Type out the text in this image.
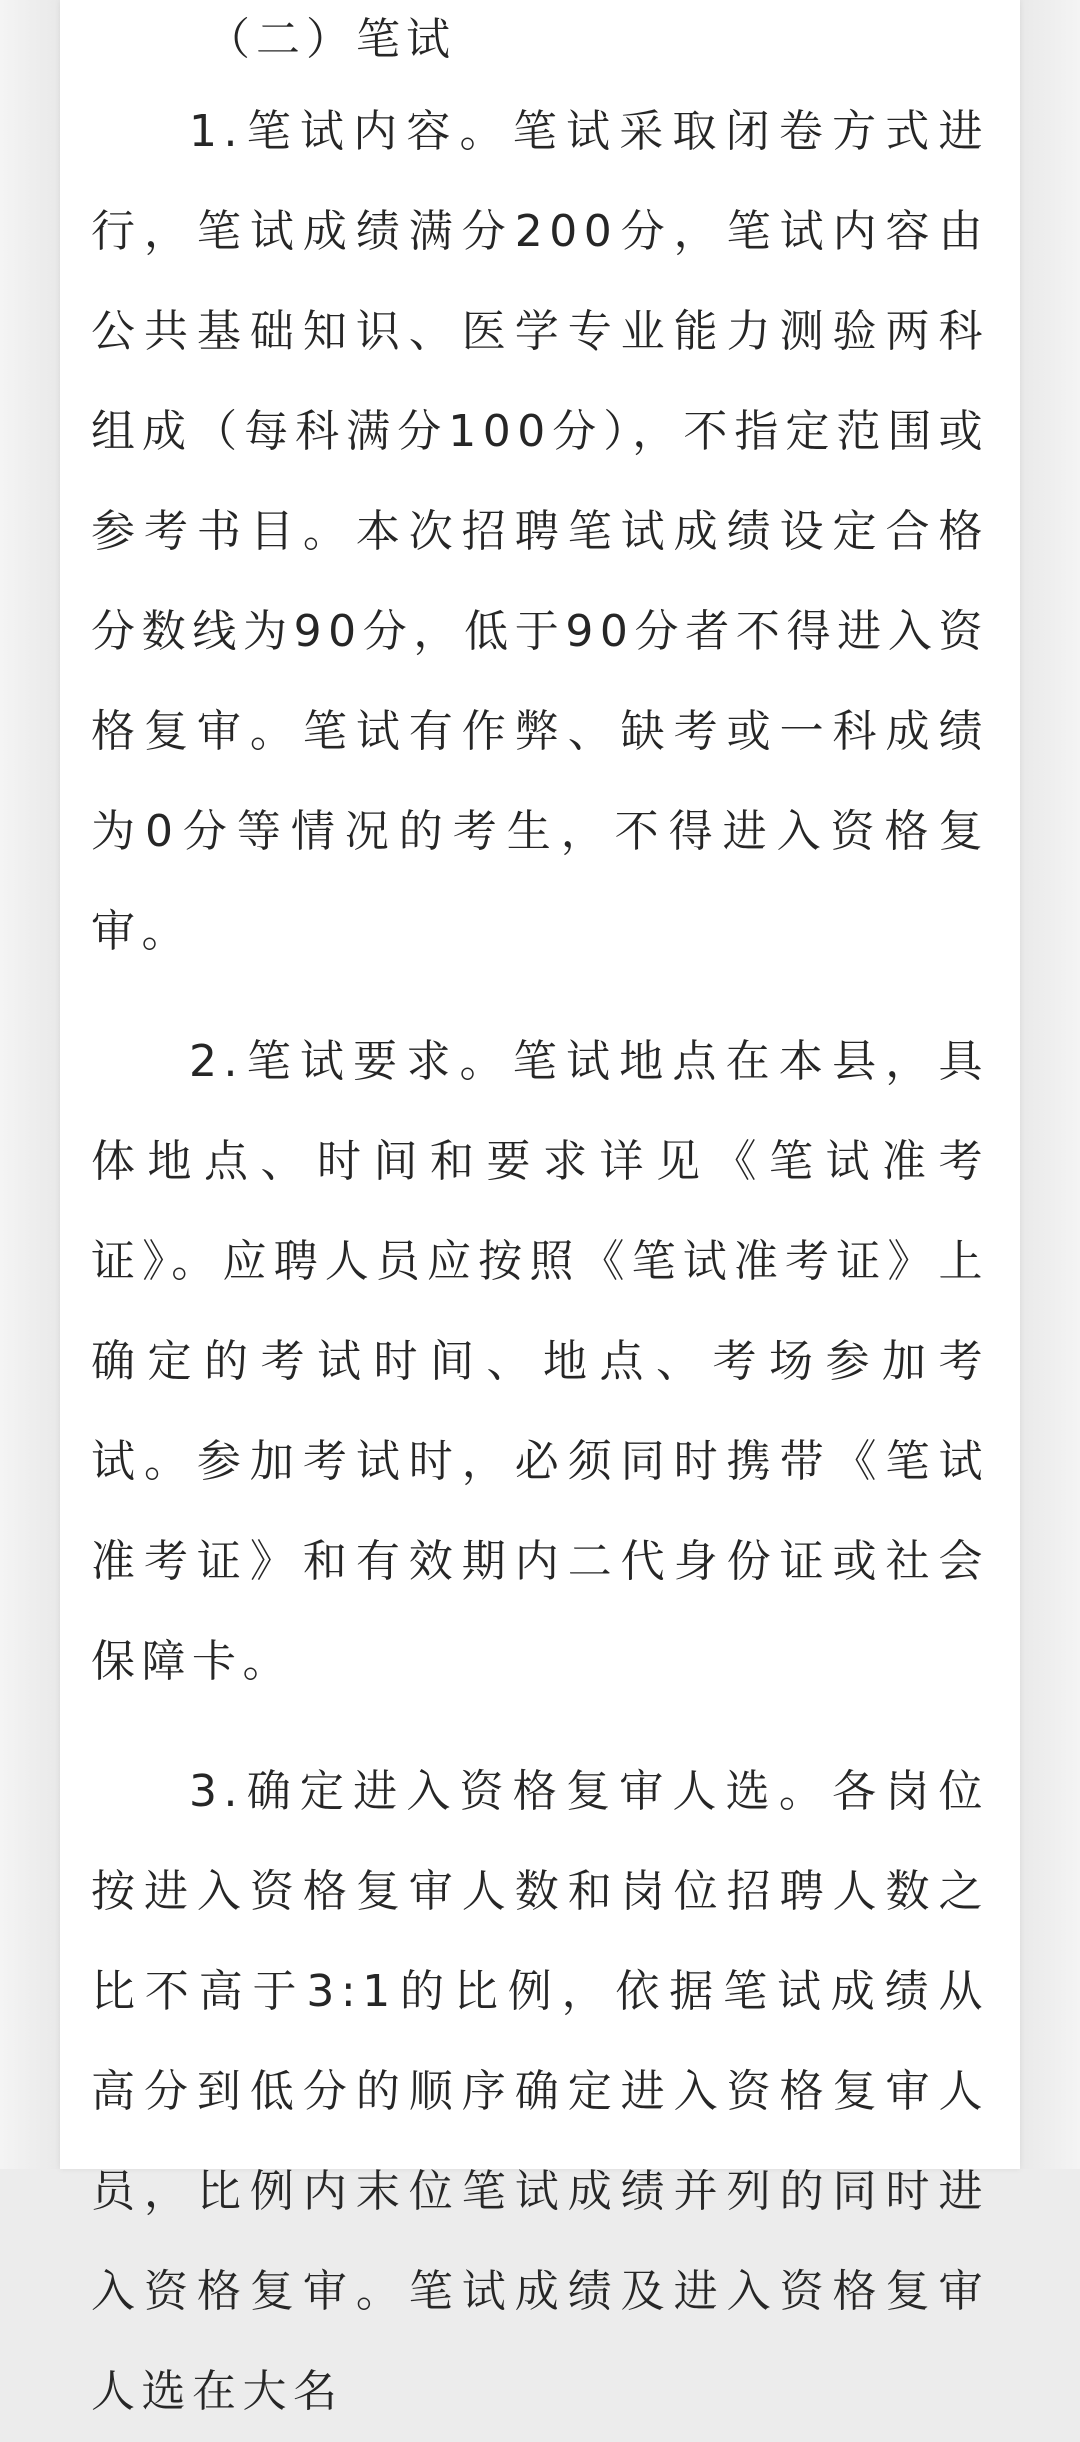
（二）笔试

1.笔试内容。笔试采取闭卷方式进行，笔试成绩满分200分，笔试内容由公共基础知识、医学专业能力测验两科组成（每科满分100分），不指定范围或参考书目。本次招聘笔试成绩设定合格分数线为90分，低于90分者不得进入资格复审。笔试有作弊、缺考或一科成绩为0分等情况的考生，不得进入资格复审。

2.笔试要求。笔试地点在本县，具体地点、时间和要求详见《笔试准考证》。应聘人员应按照《笔试准考证》上确定的考试时间、地点、考场参加考试。参加考试时，必须同时携带《笔试准考证》和有效期内二代身份证或社会保障卡。

3.确定进入资格复审人选。各岗位按进入资格复审人数和岗位招聘人数之比不高于3:1的比例，依据笔试成绩从高分到低分的顺序确定进入资格复审人员，比例内末位笔试成绩并列的同时进入资格复审。笔试成绩及进入资格复审人选在大名
